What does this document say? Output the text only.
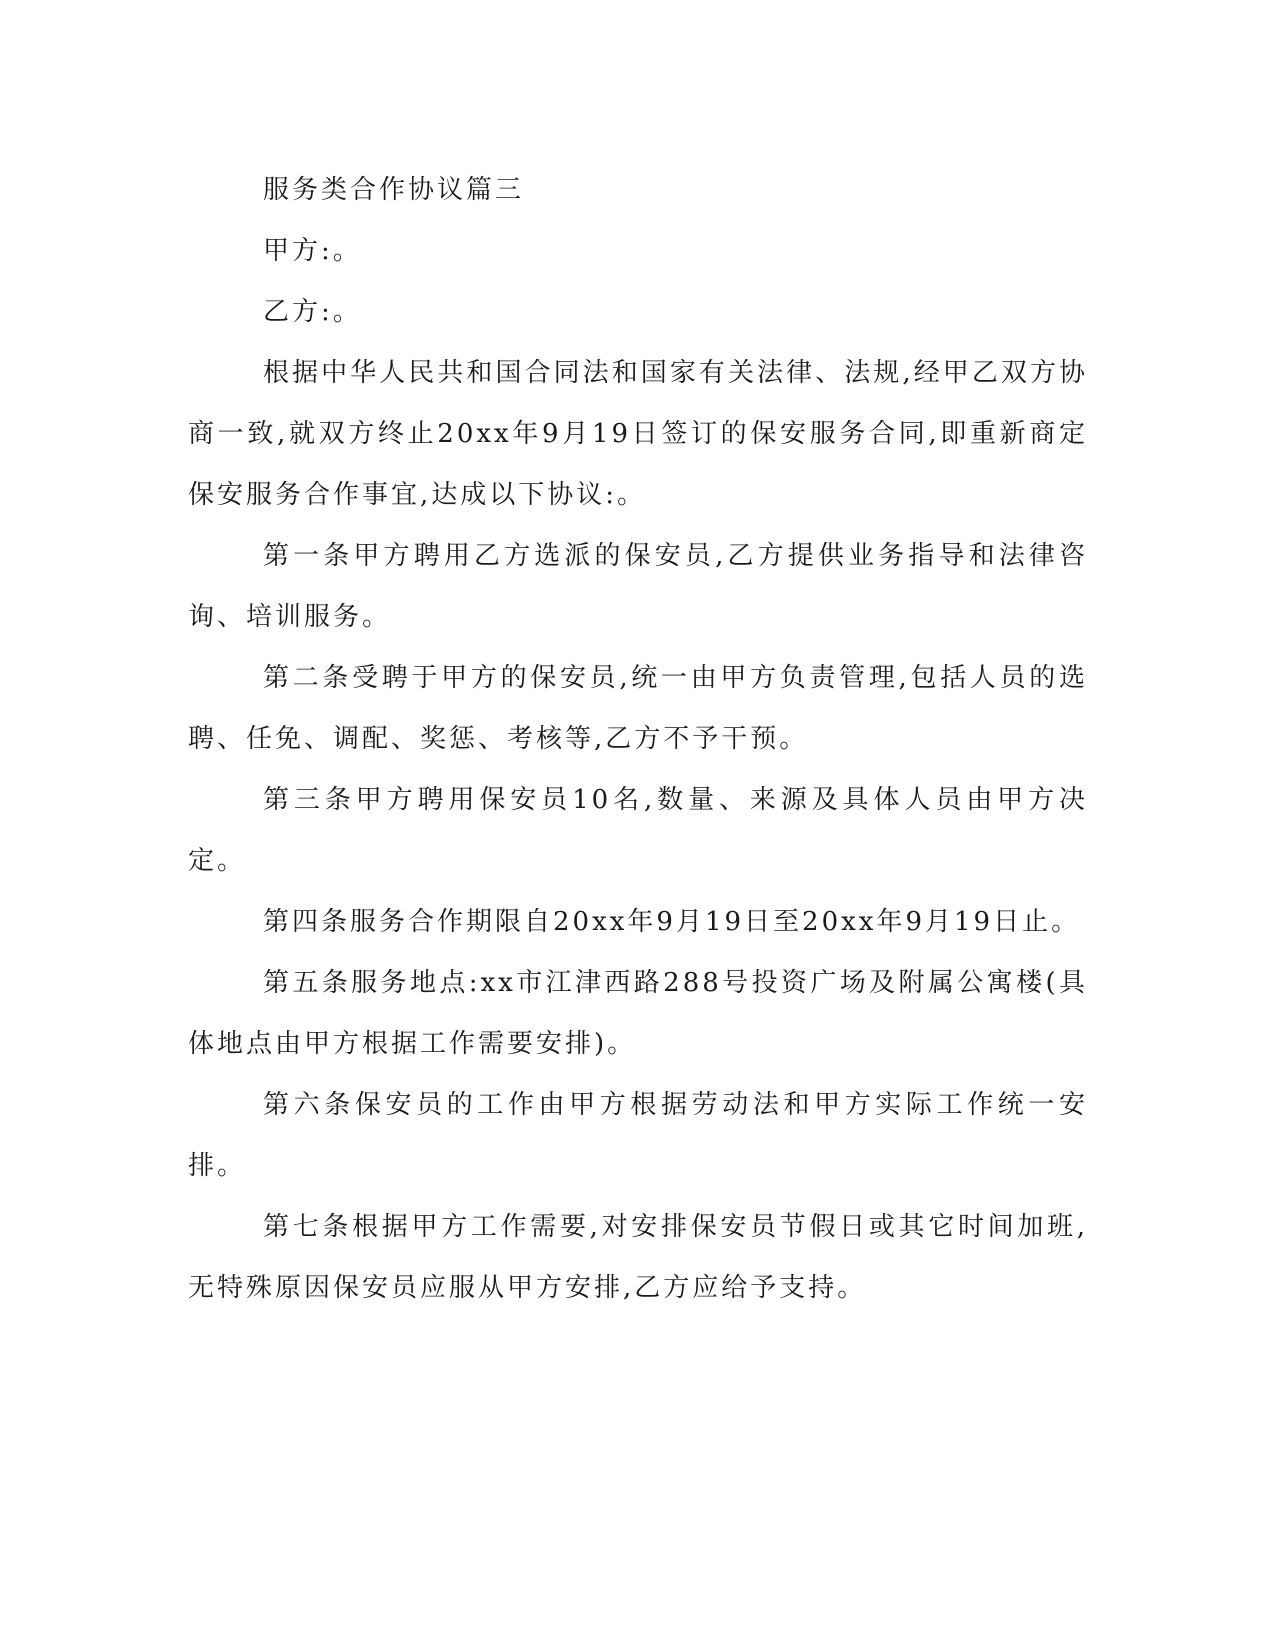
服务类合作协议篇三

甲方:。

乙方:。

根据中华人民共和国合同法和国家有关法律、法规,经甲乙双方协商一致,就双方终止20xx年9月19日签订的保安服务合同,即重新商定保安服务合作事宜,达成以下协议:。

第一条甲方聘用乙方选派的保安员,乙方提供业务指导和法律咨询、培训服务。

第二条受聘于甲方的保安员,统一由甲方负责管理,包括人员的选聘、任免、调配、奖惩、考核等,乙方不予干预。

第三条甲方聘用保安员10名,数量、来源及具体人员由甲方决定。

第四条服务合作期限自20xx年9月19日至20xx年9月19日止。

第五条服务地点:xx市江津西路288号投资广场及附属公寓楼(具体地点由甲方根据工作需要安排)。

第六条保安员的工作由甲方根据劳动法和甲方实际工作统一安排。

第七条根据甲方工作需要,对安排保安员节假日或其它时间加班,无特殊原因保安员应服从甲方安排,乙方应给予支持。
